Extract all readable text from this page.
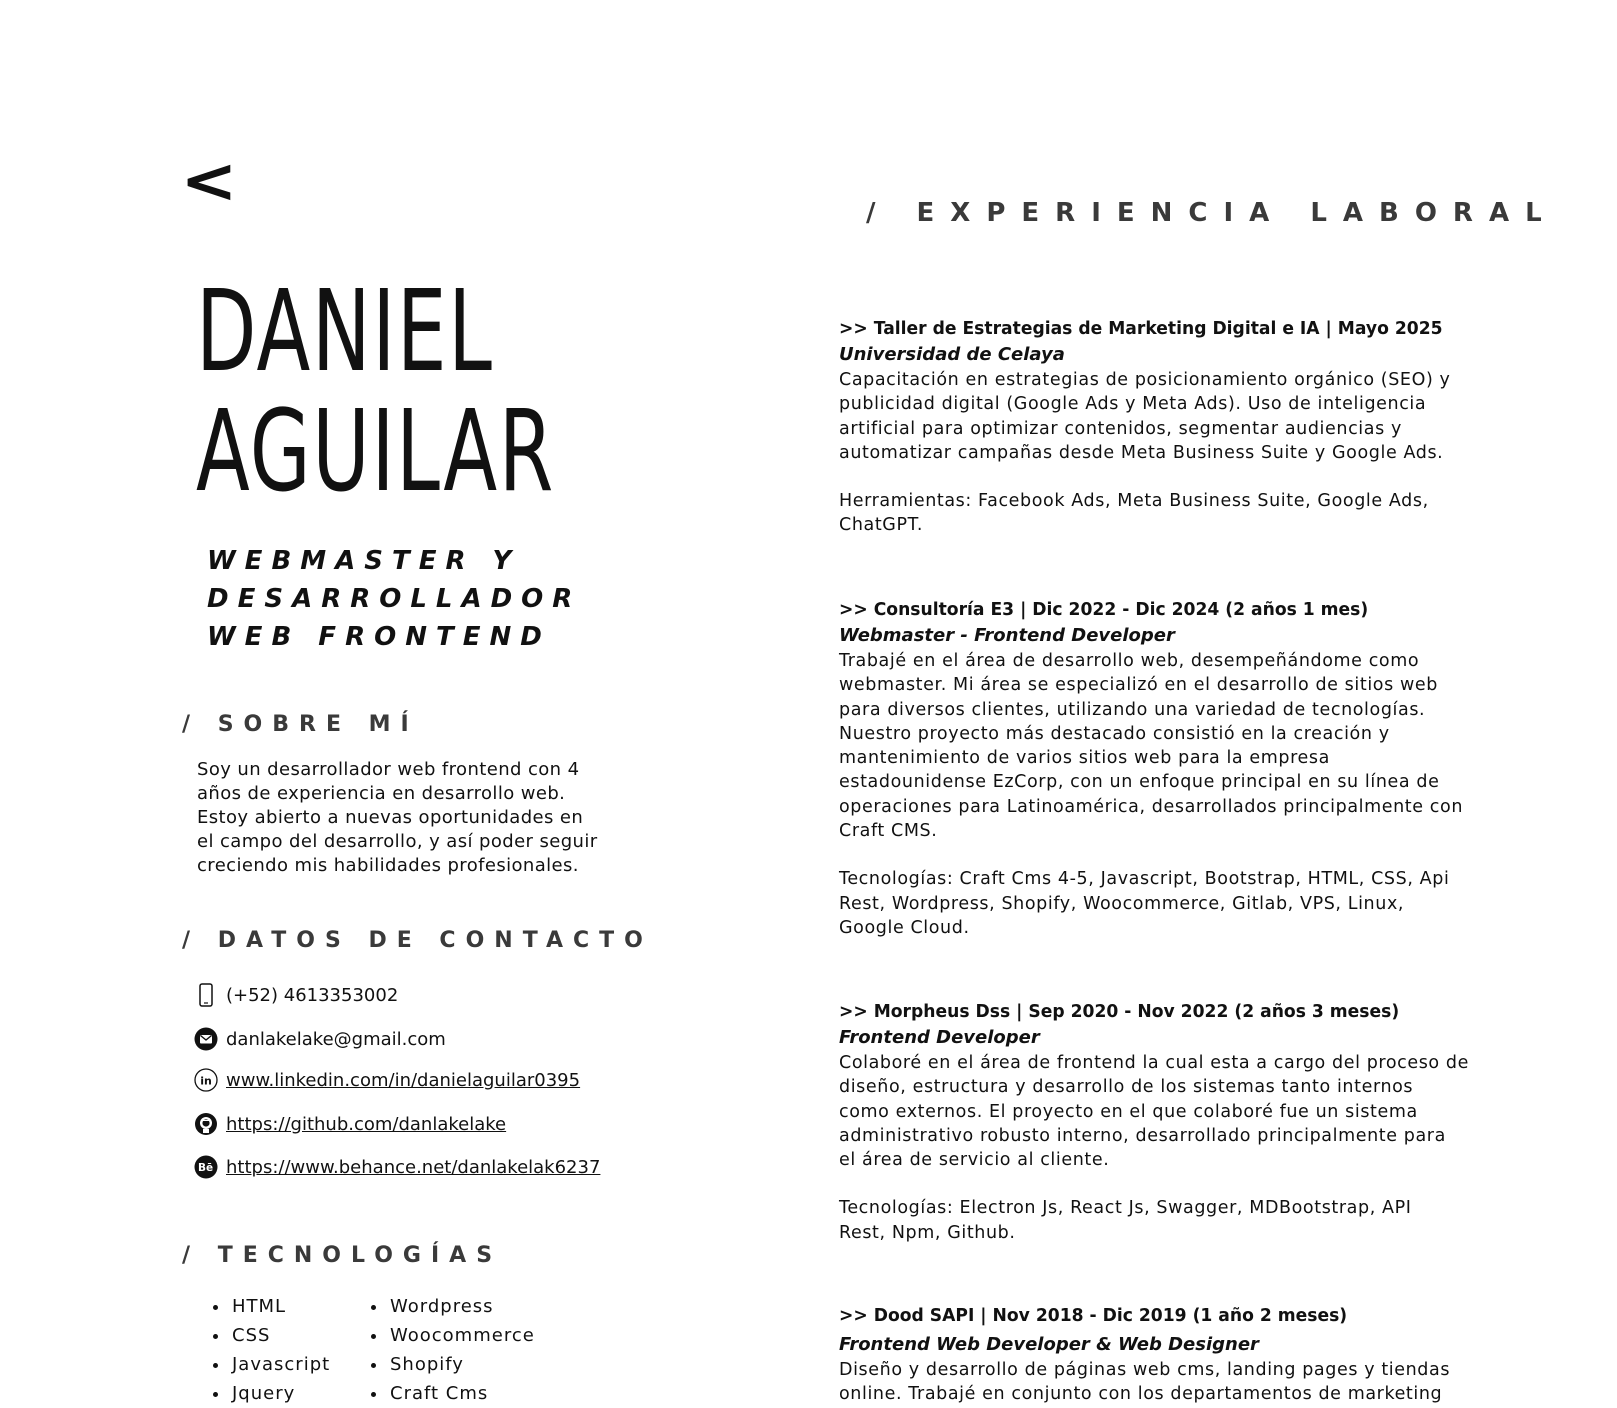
<
DANIEL
AGUILAR
WEBMASTER Y
DESARROLLADOR
WEB FRONTEND
/ SOBRE MÍ

Soy un desarrollador web frontend con 4
años de experiencia en desarrollo web.
Estoy abierto a nuevas oportunidades en
el campo del desarrollo, y así poder seguir
creciendo mis habilidades profesionales.

/ DATOS DE CONTACTO
(+52) 4613353002
danlakelake@gmail.com
in www.linkedin.com/in/danielaguilar0395
https://github.com/danlakelake
Bē https://www.behance.net/danlakelak6237
/ TECNOLOGÍAS
• HTML
• CSS
• Javascript
• Jquery
• Wordpress
• Woocommerce
• Shopify
• Craft Cms
/ EXPERIENCIA LABORAL

>> Taller de Estrategias de Marketing Digital e IA | Mayo 2025

Universidad de Celaya

Capacitación en estrategias de posicionamiento orgánico (SEO) y
publicidad digital (Google Ads y Meta Ads). Uso de inteligencia
artificial para optimizar contenidos, segmentar audiencias y
automatizar campañas desde Meta Business Suite y Google Ads.

Herramientas: Facebook Ads, Meta Business Suite, Google Ads,
ChatGPT.

>> Consultoría E3 | Dic 2022 - Dic 2024 (2 años 1 mes)

Webmaster - Frontend Developer

Trabajé en el área de desarrollo web, desempeñándome como
webmaster. Mi área se especializó en el desarrollo de sitios web
para diversos clientes, utilizando una variedad de tecnologías.
Nuestro proyecto más destacado consistió en la creación y
mantenimiento de varios sitios web para la empresa
estadounidense EzCorp, con un enfoque principal en su línea de
operaciones para Latinoamérica, desarrollados principalmente con
Craft CMS.

Tecnologías: Craft Cms 4-5, Javascript, Bootstrap, HTML, CSS, Api
Rest, Wordpress, Shopify, Woocommerce, Gitlab, VPS, Linux,
Google Cloud.

>> Morpheus Dss | Sep 2020 - Nov 2022 (2 años 3 meses)

Frontend Developer

Colaboré en el área de frontend la cual esta a cargo del proceso de
diseño, estructura y desarrollo de los sistemas tanto internos
como externos. El proyecto en el que colaboré fue un sistema
administrativo robusto interno, desarrollado principalmente para
el área de servicio al cliente.

Tecnologías: Electron Js, React Js, Swagger, MDBootstrap, API
Rest, Npm, Github.

>> Dood SAPI | Nov 2018 - Dic 2019 (1 año 2 meses)

Frontend Web Developer & Web Designer

Diseño y desarrollo de páginas web cms, landing pages y tiendas
online. Trabajé en conjunto con los departamentos de marketing
